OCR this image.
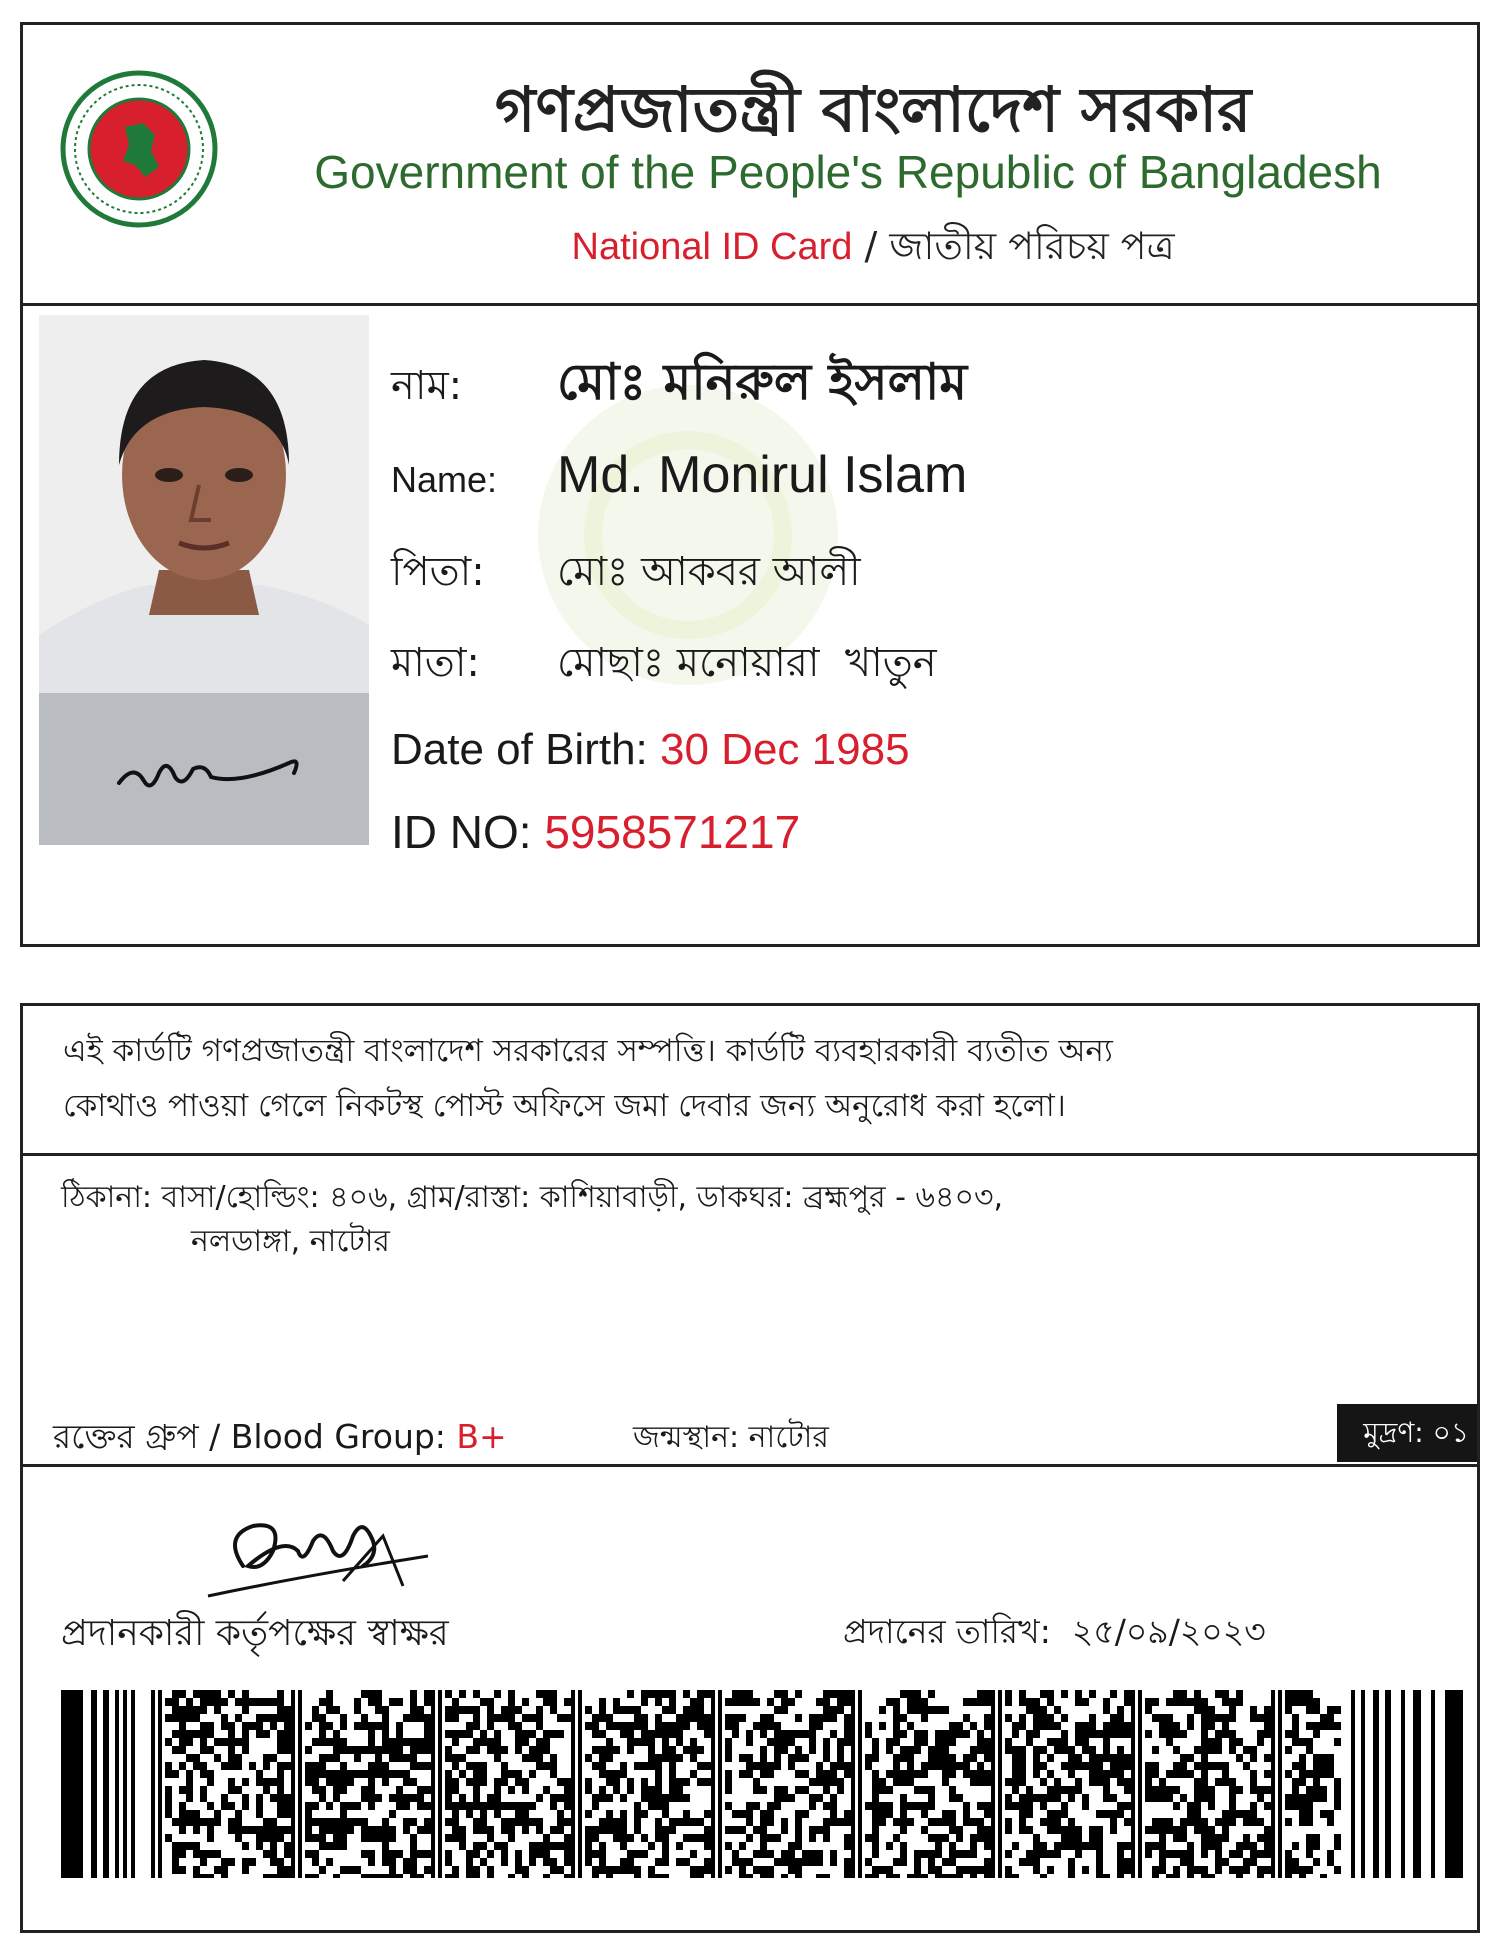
গণপ্রজাতন্ত্রী বাংলাদেশ সরকার
Government of the People's Republic of Bangladesh
National ID Card / জাতীয় পরিচয় পত্র
নাম: মোঃ মনিরুল ইসলাম
Name: Md. Monirul Islam
পিতা: মোঃ আকবর আলী
মাতা: মোছাঃ মনোয়ারা  খাতুন
Date of Birth: 30 Dec 1985
ID NO: 5958571217
এই কার্ডটি গণপ্রজাতন্ত্রী বাংলাদেশ সরকারের সম্পত্তি। কার্ডটি ব্যবহারকারী ব্যতীত অন্য
কোথাও পাওয়া গেলে নিকটস্থ পোস্ট অফিসে জমা দেবার জন্য অনুরোধ করা হলো।
ঠিকানা: বাসা/হোল্ডিং: ৪০৬, গ্রাম/রাস্তা: কাশিয়াবাড়ী, ডাকঘর: ব্রহ্মপুর - ৬৪০৩,
নলডাঙ্গা, নাটোর
রক্তের গ্রুপ / Blood Group: B+	জন্মস্থান: নাটোর	মুদ্রণ: ০১
প্রদানকারী কর্তৃপক্ষের স্বাক্ষর	প্রদানের তারিখ: ২৫/০৯/২০২৩
